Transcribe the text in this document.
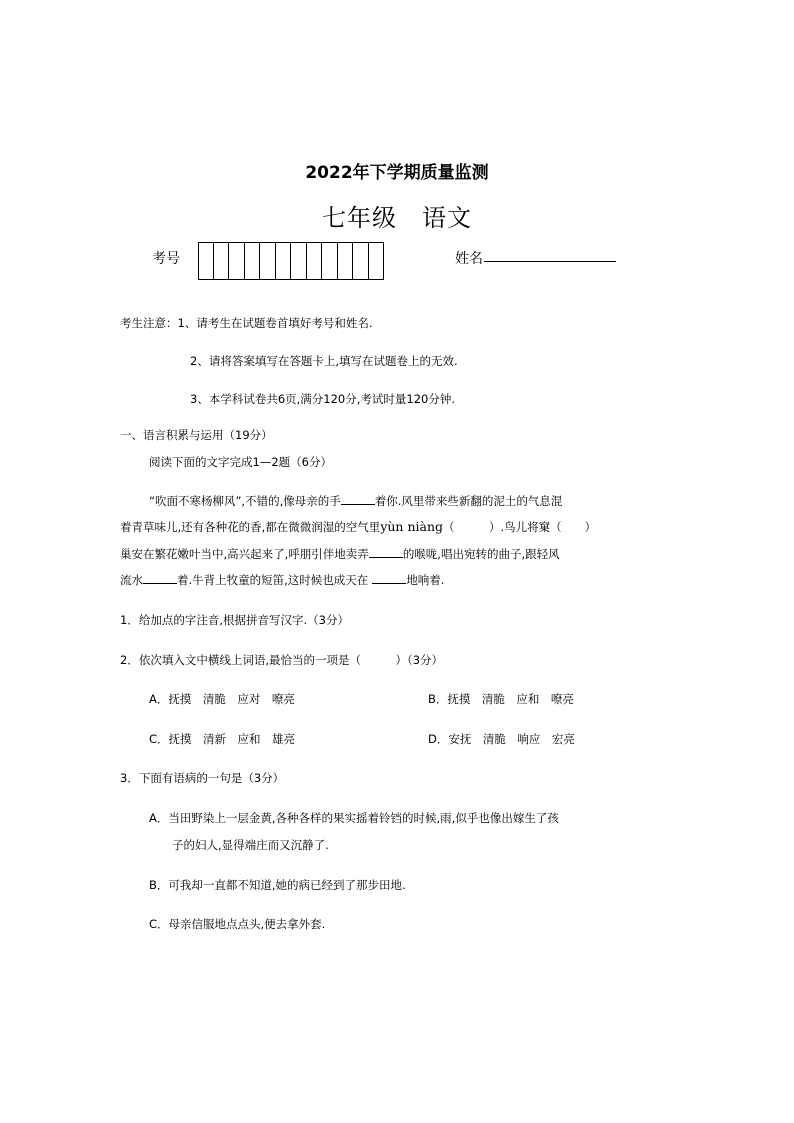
2022年下学期质量监测
七年级　语文
考号	姓名
考生注意：1、请考生在试题卷首填好考号和姓名.
2、请将答案填写在答题卡上,填写在试题卷上的无效.
3、本学科试卷共6页,满分120分,考试时量120分钟.
一、语言积累与运用（19分）
阅读下面的文字完成1—2题（6分）
“吹面不寒杨柳风”,不错的,像母亲的手	着你.风里带来些新翻的泥土的气息混
着青草味儿,还有各种花的香,都在微微润湿的空气里yùn niàng（　　　）.鸟儿将窠（　　）
巢安在繁花嫩叶当中,高兴起来了,呼朋引伴地卖弄	的喉咙,唱出宛转的曲子,跟轻风
流水	着.牛背上牧童的短笛,这时候也成天在	地响着.
1．给加点的字注音,根据拼音写汉字.（3分）
2．依次填入文中横线上词语,最恰当的一项是（　　　）（3分）
A．抚摸　 清脆　 应对　 嘹亮	B．抚摸　 清脆　 应和　 嘹亮
C．抚摸　 清新　 应和　 雄亮	D．安抚　 清脆　 响应　 宏亮
3．下面有语病的一句是（3分）
A．当田野染上一层金黄,各种各样的果实摇着铃铛的时候,雨,似乎也像出嫁生了孩
子的妇人,显得端庄而又沉静了.
B．可我却一直都不知道,她的病已经到了那步田地.
C．母亲信服地点点头,便去拿外套.
